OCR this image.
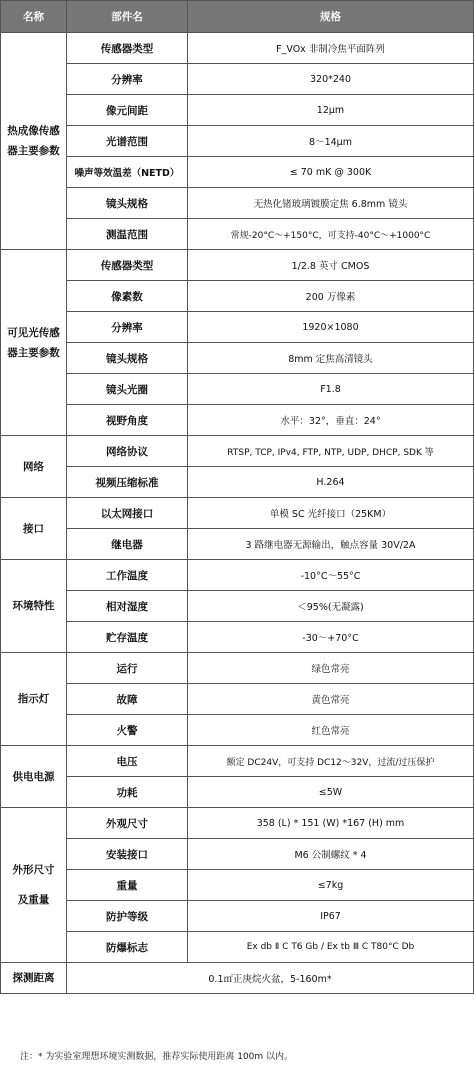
名称	部件名	规格
热成像传感器主要参数	传感器类型	F_VOx 非制冷焦平面阵列
	分辨率	320*240
	像元间距	12μm
	光谱范围	8～14μm
	噪声等效温差（NETD）	≤ 70 mK @ 300K
	镜头规格	无热化锗玻璃镀膜定焦 6.8mm 镜头
	测温范围	常规-20°C～+150°C，可支持-40°C～+1000°C
可见光传感器主要参数	传感器类型	1/2.8 英寸 CMOS
	像素数	200 万像素
	分辨率	1920×1080
	镜头规格	8mm 定焦高清镜头
	镜头光圈	F1.8
	视野角度	水平：32°，垂直：24°
网络	网络协议	RTSP, TCP, IPv4, FTP, NTP, UDP, DHCP, SDK 等
	视频压缩标准	H.264
接口	以太网接口	单模 SC 光纤接口（25KM）
	继电器	3 路继电器无源输出，触点容量 30V/2A
环境特性	工作温度	-10°C～55°C
	相对湿度	＜95%(无凝露)
	贮存温度	-30～+70°C
指示灯	运行	绿色常亮
	故障	黄色常亮
	火警	红色常亮
供电电源	电压	额定 DC24V，可支持 DC12～32V，过流/过压保护
	功耗	≤5W
外形尺寸
及重量	外观尺寸	358 (L) * 151 (W) *167 (H) mm
	安装接口	M6 公制螺纹 * 4
	重量	≤7kg
	防护等级	IP67
	防爆标志	Ex db Ⅱ C T6 Gb / Ex tb Ⅲ C T80°C Db
探测距离	0.1㎡正庚烷火盆，5-160m*	
注：* 为实验室理想环境实测数据，推荐实际使用距离 100m 以内。
